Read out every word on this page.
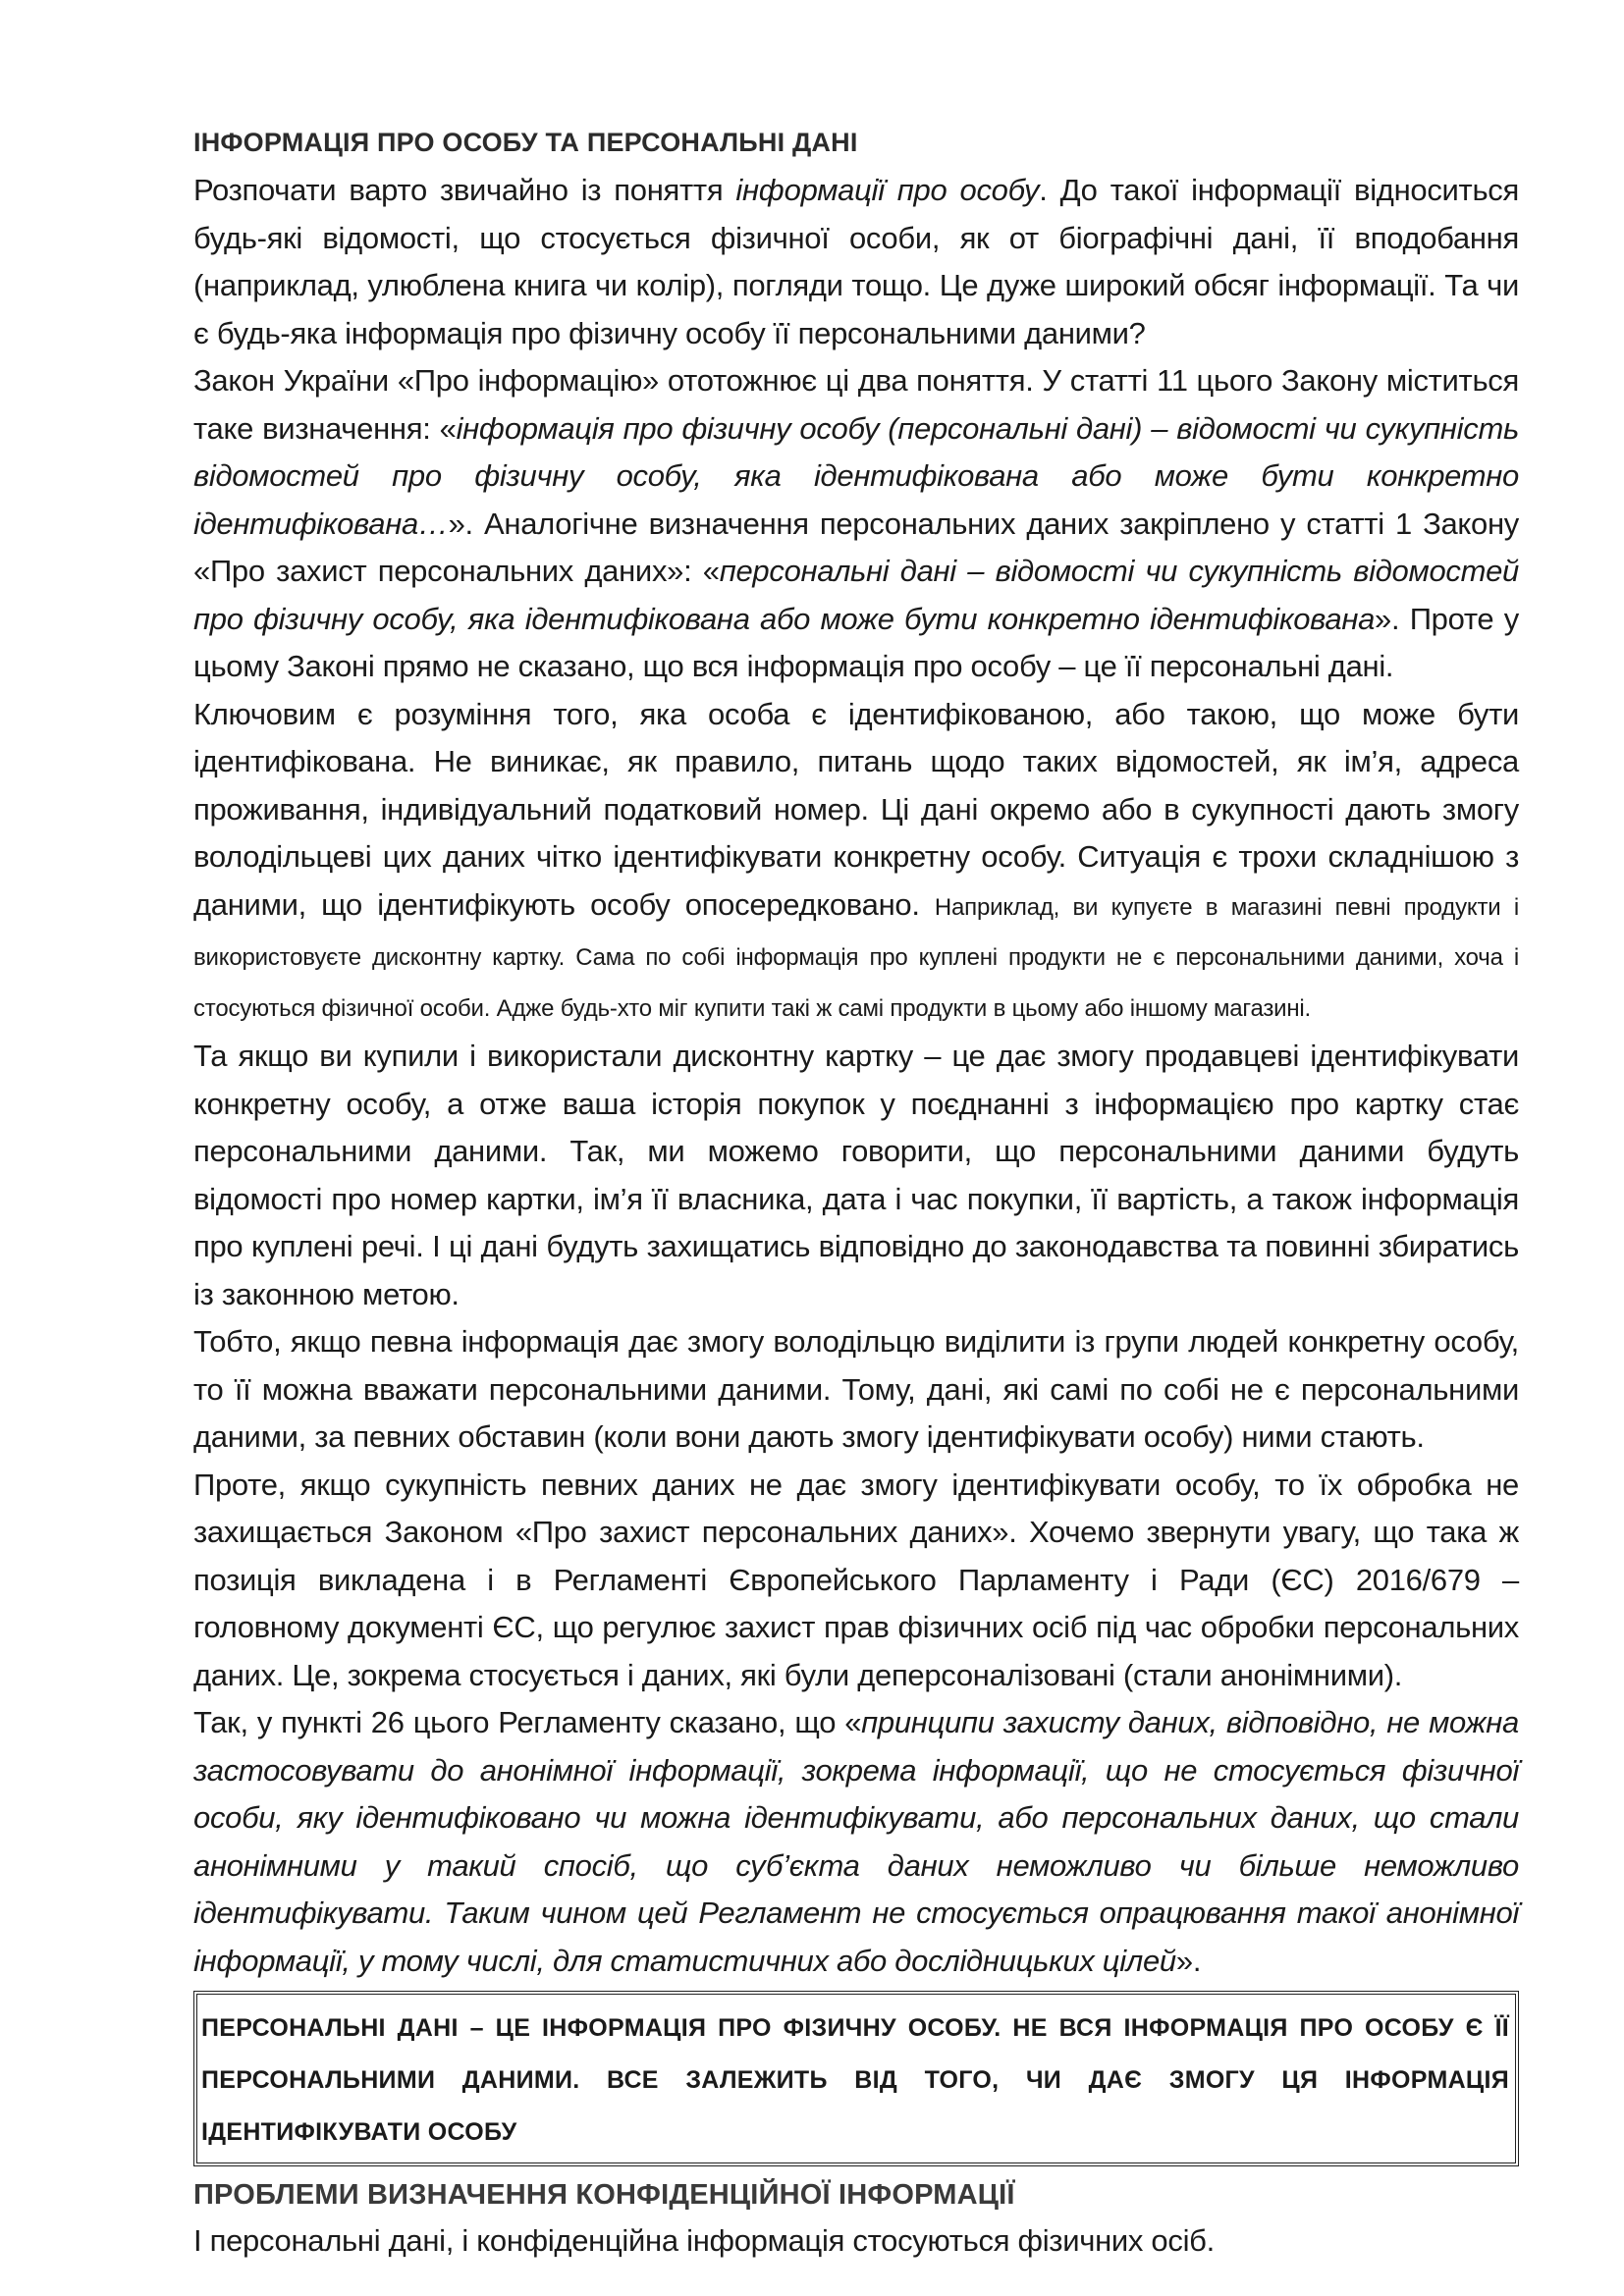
ІНФОРМАЦІЯ ПРО ОСОБУ ТА ПЕРСОНАЛЬНІ ДАНІ

Розпочати варто звичайно із поняття інформації про особу. До такої інформації відноситься будь-які відомості, що стосується фізичної особи, як от біографічні дані, її вподобання (наприклад, улюблена книга чи колір), погляди тощо. Це дуже широкий обсяг інформації. Та чи є будь-яка інформація про фізичну особу її персональними даними?

Закон України «Про інформацію» ототожнює ці два поняття. У статті 11 цього Закону міститься таке визначення: «інформація про фізичну особу (персональні дані) – відомості чи сукупність відомостей про фізичну особу, яка ідентифікована або може бути конкретно ідентифікована…». Аналогічне визначення персональних даних закріплено у статті 1 Закону «Про захист персональних даних»: «персональні дані – відомості чи сукупність відомостей про фізичну особу, яка ідентифікована або може бути конкретно ідентифікована». Проте у цьому Законі прямо не сказано, що вся інформація про особу – це її персональні дані.

Ключовим є розуміння того, яка особа є ідентифікованою, або такою, що може бути ідентифікована. Не виникає, як правило, питань щодо таких відомостей, як ім’я, адреса проживання, індивідуальний податковий номер. Ці дані окремо або в сукупності дають змогу володільцеві цих даних чітко ідентифікувати конкретну особу. Ситуація є трохи складнішою з даними, що ідентифікують особу опосередковано. Наприклад, ви купуєте в магазині певні продукти і використовуєте дисконтну картку. Сама по собі інформація про куплені продукти не є персональними даними, хоча і стосуються фізичної особи. Адже будь-хто міг купити такі ж самі продукти в цьому або іншому магазині.

Та якщо ви купили і використали дисконтну картку – це дає змогу продавцеві ідентифікувати конкретну особу, а отже ваша історія покупок у поєднанні з інформацією про картку стає персональними даними. Так, ми можемо говорити, що персональними даними будуть відомості про номер картки, ім’я її власника, дата і час покупки, її вартість, а також інформація про куплені речі. І ці дані будуть захищатись відповідно до законодавства та повинні збиратись із законною метою.

Тобто, якщо певна інформація дає змогу володільцю виділити із групи людей конкретну особу, то її можна вважати персональними даними. Тому, дані, які самі по собі не є персональними даними, за певних обставин (коли вони дають змогу ідентифікувати особу) ними стають.

Проте, якщо сукупність певних даних не дає змогу ідентифікувати особу, то їх обробка не захищається Законом «Про захист персональних даних». Хочемо звернути увагу, що така ж позиція викладена і в Регламенті Європейського Парламенту і Ради (ЄС) 2016/679 – головному документі ЄС, що регулює захист прав фізичних осіб під час обробки персональних даних. Це, зокрема стосується і даних, які були деперсоналізовані (стали анонімними).

Так, у пункті 26 цього Регламенту сказано, що «принципи захисту даних, відповідно, не можна застосовувати до анонімної інформації, зокрема інформації, що не стосується фізичної особи, яку ідентифіковано чи можна ідентифікувати, або персональних даних, що стали анонімними у такий спосіб, що суб’єкта даних неможливо чи більше неможливо ідентифікувати. Таким чином цей Регламент не стосується опрацювання такої анонімної інформації, у тому числі, для статистичних або дослідницьких цілей».

ПЕРСОНАЛЬНІ ДАНІ – ЦЕ ІНФОРМАЦІЯ ПРО ФІЗИЧНУ ОСОБУ. НЕ ВСЯ ІНФОРМАЦІЯ ПРО ОСОБУ Є ЇЇ ПЕРСОНАЛЬНИМИ ДАНИМИ. ВСЕ ЗАЛЕЖИТЬ ВІД ТОГО, ЧИ ДАЄ ЗМОГУ ЦЯ ІНФОРМАЦІЯ ІДЕНТИФІКУВАТИ ОСОБУ
ПРОБЛЕМИ ВИЗНАЧЕННЯ КОНФІДЕНЦІЙНОЇ ІНФОРМАЦІЇ

І персональні дані, і конфіденційна інформація стосуються фізичних осіб.
